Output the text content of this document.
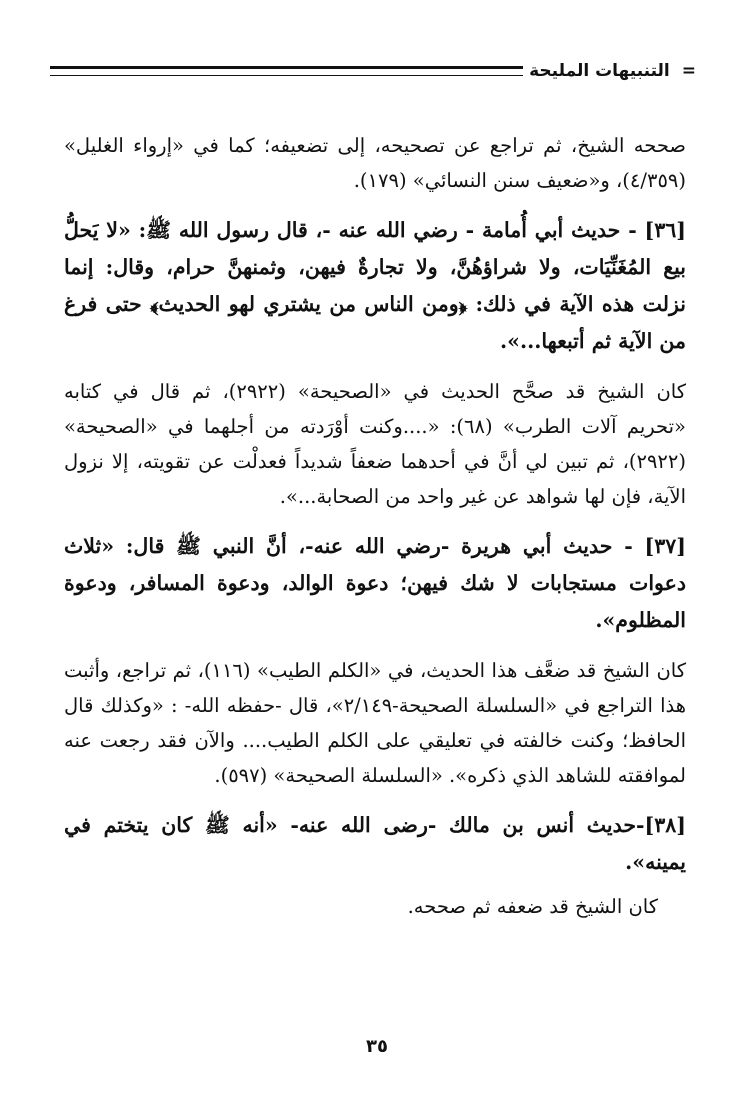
=
التنبيهات المليحة

صححه الشيخ، ثم تراجع عن تصحيحه، إلى تضعيفه؛ كما في «إرواء الغليل» (٤/٣٥٩)، و«ضعيف سنن النسائي» (١٧٩).

[٣٦] - حديث أبي أُمامة - رضي الله عنه -، قال رسول الله ﷺ: «لا يَحلُّ بيع المُغَنِّيَات، ولا شراؤهُنَّ، ولا تجارةٌ فيهن، وثمنهنَّ حرام، وقال: إنما نزلت هذه الآية في ذلك: ﴿ومن الناس من يشتري لهو الحديث﴾ حتى فرغ من الآية ثم أتبعها...».

كان الشيخ قد صحَّح الحديث في «الصحيحة» (٢٩٢٢)، ثم قال في كتابه «تحريم آلات الطرب» (٦٨): «....وكنت أوْرَدته من أجلهما في «الصحيحة» (٢٩٢٢)، ثم تبين لي أنَّ في أحدهما ضعفاً شديداً فعدلْت عن تقويته، إلا نزول الآية، فإن لها شواهد عن غير واحد من الصحابة...».

[٣٧] - حديث أبي هريرة -رضي الله عنه-، أنَّ النبي ﷺ قال: «ثلاث دعوات مستجابات لا شك فيهن؛ دعوة الوالد، ودعوة المسافر، ودعوة المظلوم».

كان الشيخ قد ضعَّف هذا الحديث، في «الكلم الطيب» (١١٦)، ثم تراجع، وأثبت هذا التراجع في «السلسلة الصحيحة-٢/١٤٩»، قال -حفظه الله- : «وكذلك قال الحافظ؛ وكنت خالفته في تعليقي على الكلم الطيب.... والآن فقد رجعت عنه لموافقته للشاهد الذي ذكره». «السلسلة الصحيحة» (٥٩٧).

[٣٨]-حديث أنس بن مالك -رضى الله عنه- «أنه ﷺ كان يتختم في يمينه».

كان الشيخ قد ضعفه ثم صححه.

٣٥
